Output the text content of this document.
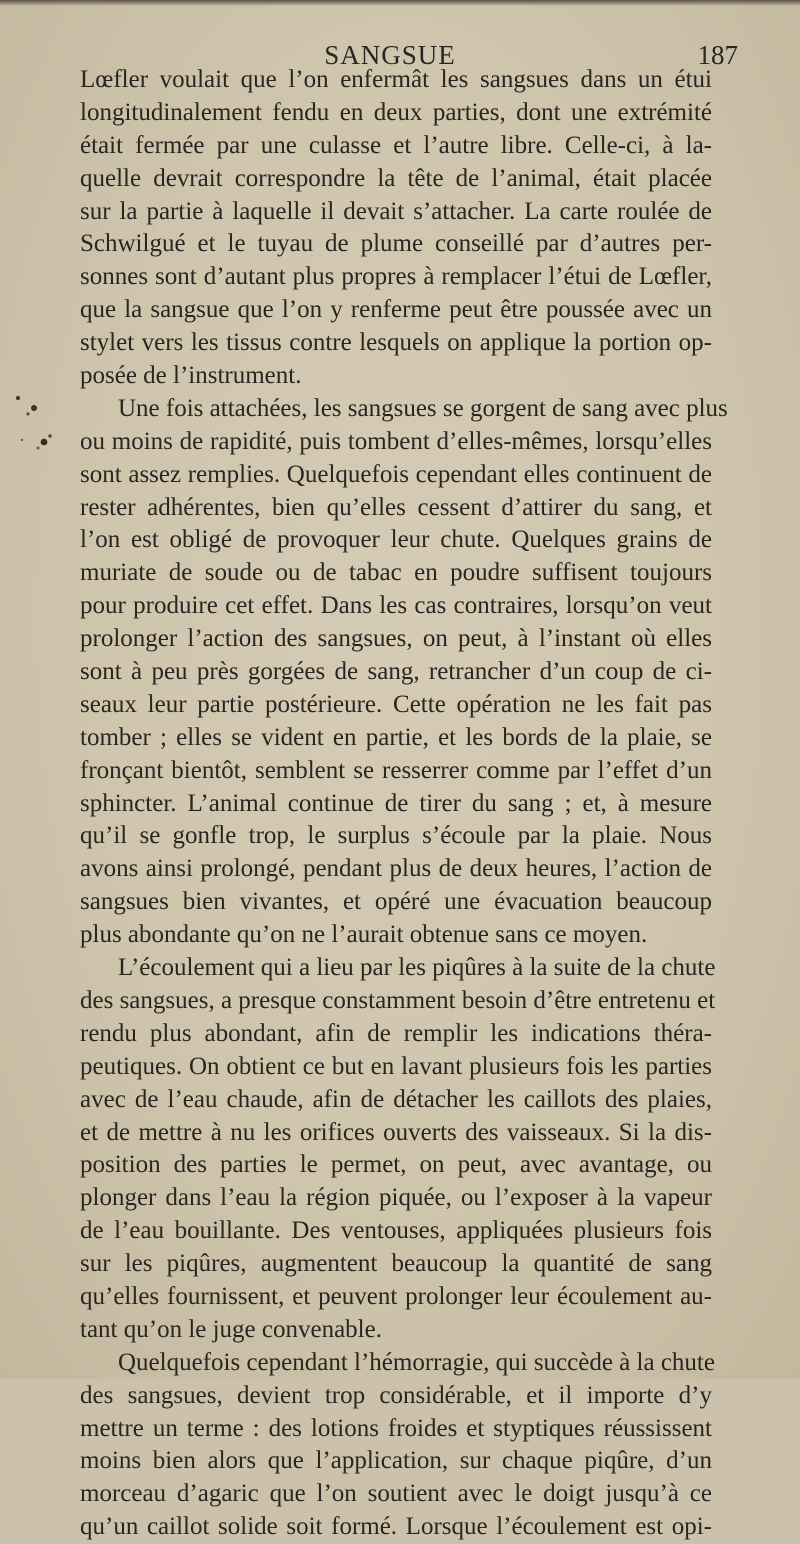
SANGSUE	187
Lœfler voulait que l’on enfermât les sangsues dans un étui
longitudinalement fendu en deux parties, dont une extrémité
était fermée par une culasse et l’autre libre. Celle-ci, à la-
quelle devrait correspondre la tête de l’animal, était placée
sur la partie à laquelle il devait s’attacher. La carte roulée de
Schwilgué et le tuyau de plume conseillé par d’autres per-
sonnes sont d’autant plus propres à remplacer l’étui de Lœfler,
que la sangsue que l’on y renferme peut être poussée avec un
stylet vers les tissus contre lesquels on applique la portion op-
posée de l’instrument.
Une fois attachées, les sangsues se gorgent de sang avec plus
ou moins de rapidité, puis tombent d’elles-mêmes, lorsqu’elles
sont assez remplies. Quelquefois cependant elles continuent de
rester adhérentes, bien qu’elles cessent d’attirer du sang, et
l’on est obligé de provoquer leur chute. Quelques grains de
muriate de soude ou de tabac en poudre suffisent toujours
pour produire cet effet. Dans les cas contraires, lorsqu’on veut
prolonger l’action des sangsues, on peut, à l’instant où elles
sont à peu près gorgées de sang, retrancher d’un coup de ci-
seaux leur partie postérieure. Cette opération ne les fait pas
tomber ; elles se vident en partie, et les bords de la plaie, se
fronçant bientôt, semblent se resserrer comme par l’effet d’un
sphincter. L’animal continue de tirer du sang ; et, à mesure
qu’il se gonfle trop, le surplus s’écoule par la plaie. Nous
avons ainsi prolongé, pendant plus de deux heures, l’action de
sangsues bien vivantes, et opéré une évacuation beaucoup
plus abondante qu’on ne l’aurait obtenue sans ce moyen.
L’écoulement qui a lieu par les piqûres à la suite de la chute
des sangsues, a presque constamment besoin d’être entretenu et
rendu plus abondant, afin de remplir les indications théra-
peutiques. On obtient ce but en lavant plusieurs fois les parties
avec de l’eau chaude, afin de détacher les caillots des plaies,
et de mettre à nu les orifices ouverts des vaisseaux. Si la dis-
position des parties le permet, on peut, avec avantage, ou
plonger dans l’eau la région piquée, ou l’exposer à la vapeur
de l’eau bouillante. Des ventouses, appliquées plusieurs fois
sur les piqûres, augmentent beaucoup la quantité de sang
qu’elles fournissent, et peuvent prolonger leur écoulement au-
tant qu’on le juge convenable.
Quelquefois cependant l’hémorragie, qui succède à la chute
des sangsues, devient trop considérable, et il importe d’y
mettre un terme : des lotions froides et styptiques réussissent
moins bien alors que l’application, sur chaque piqûre, d’un
morceau d’agaric que l’on soutient avec le doigt jusqu’à ce
qu’un caillot solide soit formé. Lorsque l’écoulement est opi-
